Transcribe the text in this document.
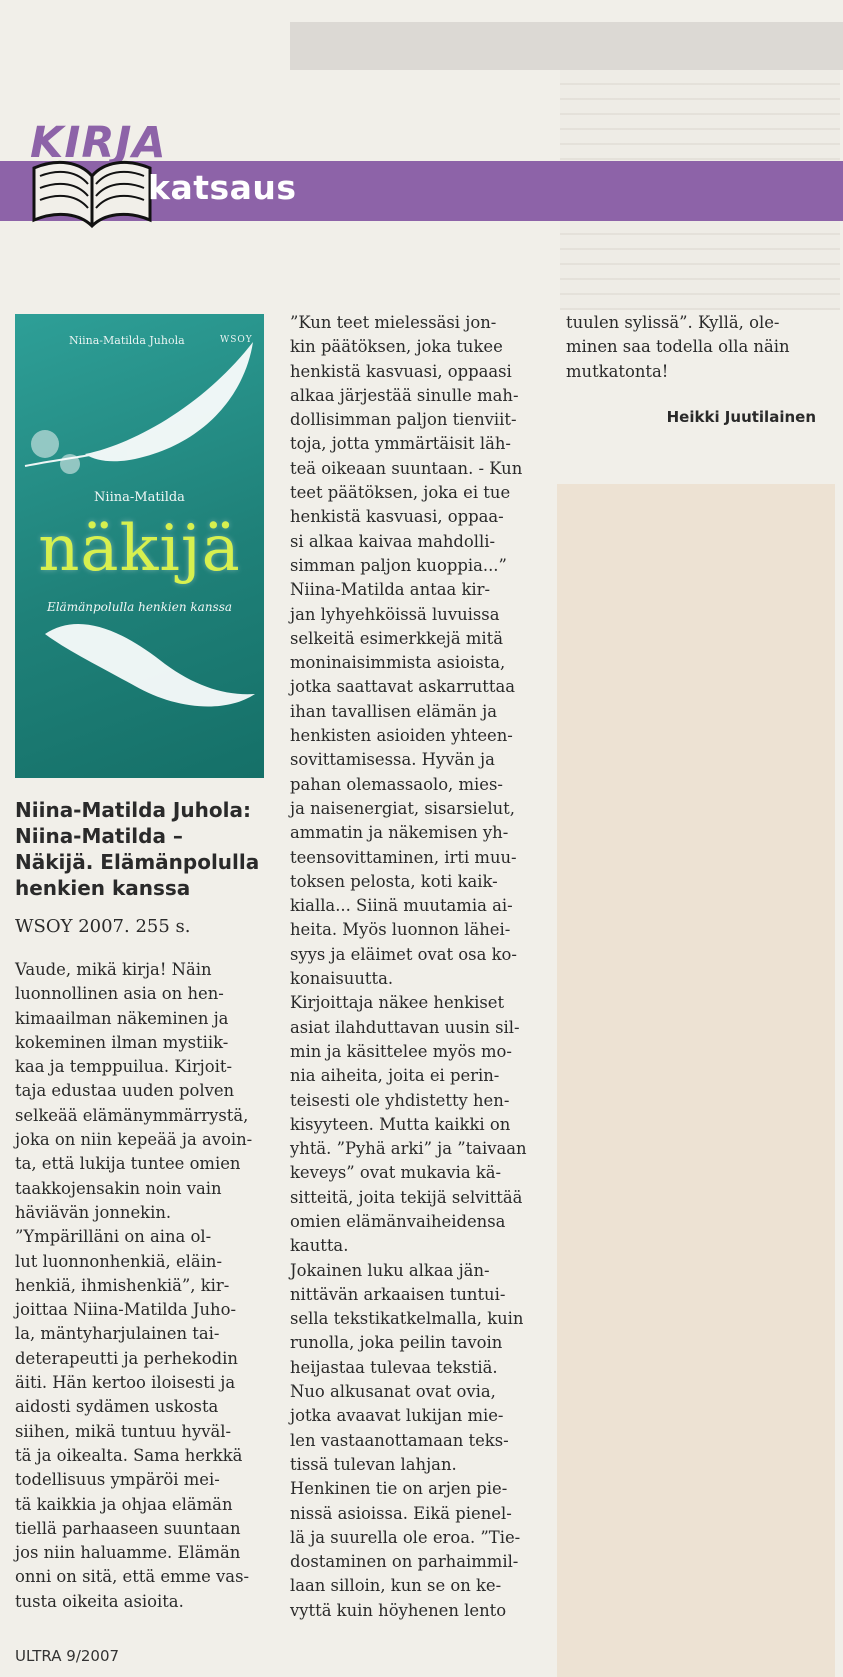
KIRJA
katsaus
Niina-Matilda Juhola	WSOY
Niina-Matilda
näkijä
Elämänpolulla henkien kanssa
Niina-Matilda Juhola:
Niina-Matilda –
Näkijä. Elämänpolulla
henkien kanssa
WSOY 2007. 255 s.
Vaude, mikä kirja! Näin
luonnollinen asia on hen-
kimaailman näkeminen ja
kokeminen ilman mystiik-
kaa ja temppuilua. Kirjoit-
taja edustaa uuden polven
selkeää elämänymmärrystä,
joka on niin kepeää ja avoin-
ta, että lukija tuntee omien
taakkojensakin noin vain
häviävän jonnekin.
”Ympärilläni on aina ol-
lut luonnonhenkiä, eläin-
henkiä, ihmishenkiä”, kir-
joittaa Niina-Matilda Juho-
la, mäntyharjulainen tai-
deterapeutti ja perhekodin
äiti. Hän kertoo iloisesti ja
aidosti sydämen uskosta
siihen, mikä tuntuu hyväl-
tä ja oikealta. Sama herkkä
todellisuus ympäröi mei-
tä kaikkia ja ohjaa elämän
tiellä parhaaseen suuntaan
jos niin haluamme. Elämän
onni on sitä, että emme vas-
tusta oikeita asioita.
”Kun teet mielessäsi jon-
kin päätöksen, joka tukee
henkistä kasvuasi, oppaasi
alkaa järjestää sinulle mah-
dollisimman paljon tienviit-
toja, jotta ymmärtäisit läh-
teä oikeaan suuntaan. - Kun
teet päätöksen, joka ei tue
henkistä kasvuasi, oppaa-
si alkaa kaivaa mahdolli-
simman paljon kuoppia...”
Niina-Matilda antaa kir-
jan lyhyehköissä luvuissa
selkeitä esimerkkejä mitä
moninaisimmista asioista,
jotka saattavat askarruttaa
ihan tavallisen elämän ja
henkisten asioiden yhteen-
sovittamisessa. Hyvän ja
pahan olemassaolo, mies-
ja naisenergiat, sisarsielut,
ammatin ja näkemisen yh-
teensovittaminen, irti muu-
toksen pelosta, koti kaik-
kialla... Siinä muutamia ai-
heita. Myös luonnon lähei-
syys ja eläimet ovat osa ko-
konaisuutta.
Kirjoittaja näkee henkiset
asiat ilahduttavan uusin sil-
min ja käsittelee myös mo-
nia aiheita, joita ei perin-
teisesti ole yhdistetty hen-
kisyyteen. Mutta kaikki on
yhtä. ”Pyhä arki” ja ”taivaan
keveys” ovat mukavia kä-
sitteitä, joita tekijä selvittää
omien elämänvaiheidensa
kautta.
Jokainen luku alkaa jän-
nittävän arkaaisen tuntui-
sella tekstikatkelmalla, kuin
runolla, joka peilin tavoin
heijastaa tulevaa tekstiä.
Nuo alkusanat ovat ovia,
jotka avaavat lukijan mie-
len vastaanottamaan teks-
tissä tulevan lahjan.
Henkinen tie on arjen pie-
nissä asioissa. Eikä pienel-
lä ja suurella ole eroa. ”Tie-
dostaminen on parhaimmil-
laan silloin, kun se on ke-
vyttä kuin höyhenen lento
tuulen sylissä”. Kyllä, ole-
minen saa todella olla näin
mutkatonta!
Heikki Juutilainen
ULTRA 9/2007
